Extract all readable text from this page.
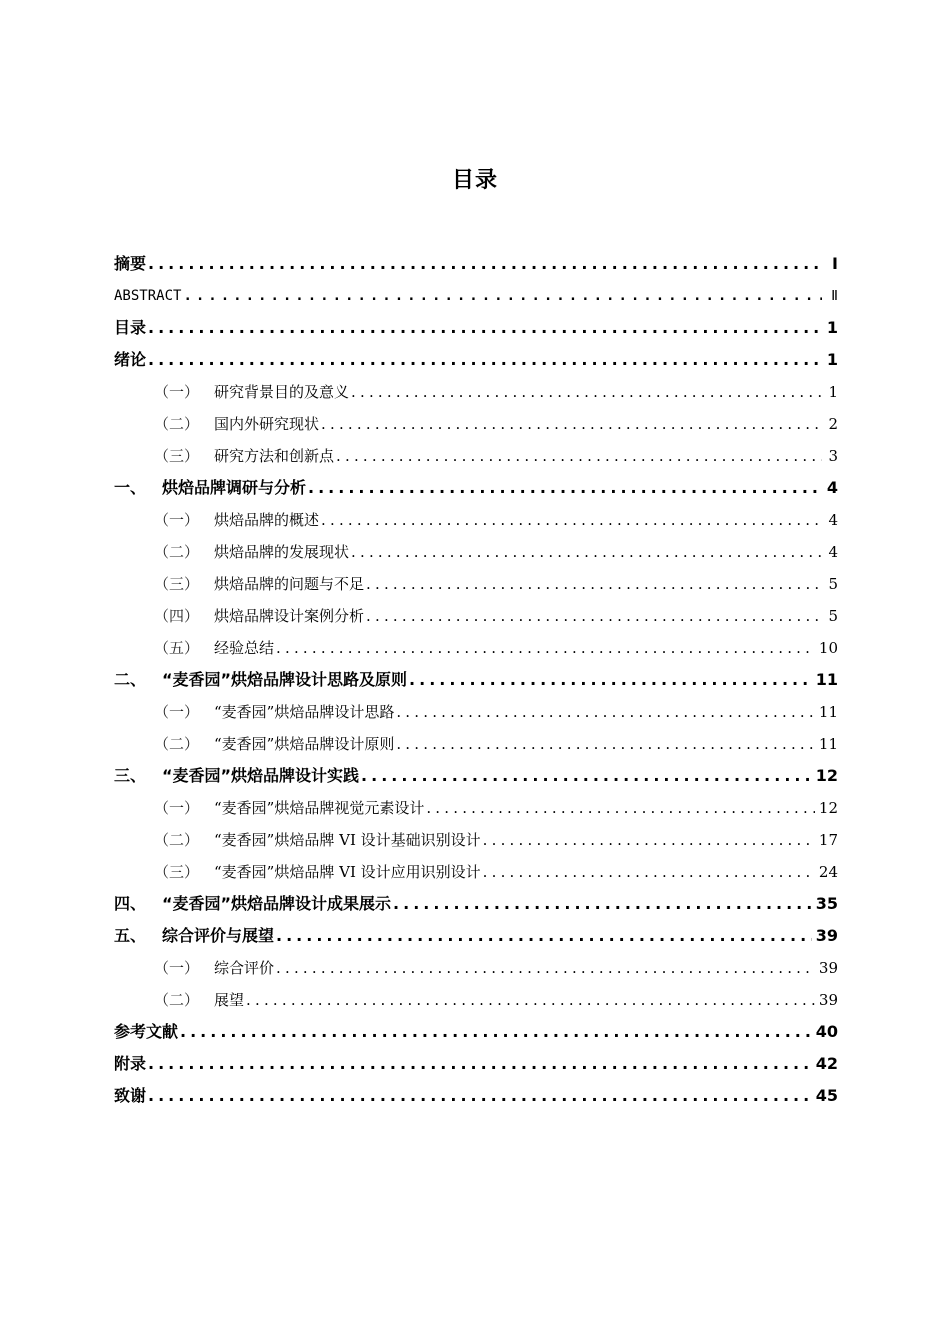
目录
摘要 .....	Ⅰ
ABSTRACT .....	Ⅱ
目录 .....	1
绪论 .....	1
（一） 研究背景目的及意义 .....	1
（二） 国内外研究现状 .....	2
（三） 研究方法和创新点 .....	3
一、 烘焙品牌调研与分析 .....	4
（一） 烘焙品牌的概述 .....	4
（二） 烘焙品牌的发展现状 .....	4
（三） 烘焙品牌的问题与不足 .....	5
（四） 烘焙品牌设计案例分析 .....	5
（五） 经验总结 .....	10
二、 “麦香园”烘焙品牌设计思路及原则 .....	11
（一） “麦香园”烘焙品牌设计思路 .....	11
（二） “麦香园”烘焙品牌设计原则 .....	11
三、 “麦香园”烘焙品牌设计实践 .....	12
（一） “麦香园”烘焙品牌视觉元素设计 .....	12
（二） “麦香园”烘焙品牌 VI 设计基础识别设计 .....	17
（三） “麦香园”烘焙品牌 VI 设计应用识别设计 .....	24
四、 “麦香园”烘焙品牌设计成果展示 .....	35
五、 综合评价与展望 .....	39
（一） 综合评价 .....	39
（二） 展望 .....	39
参考文献 .....	40
附录 .....	42
致谢 .....	45
